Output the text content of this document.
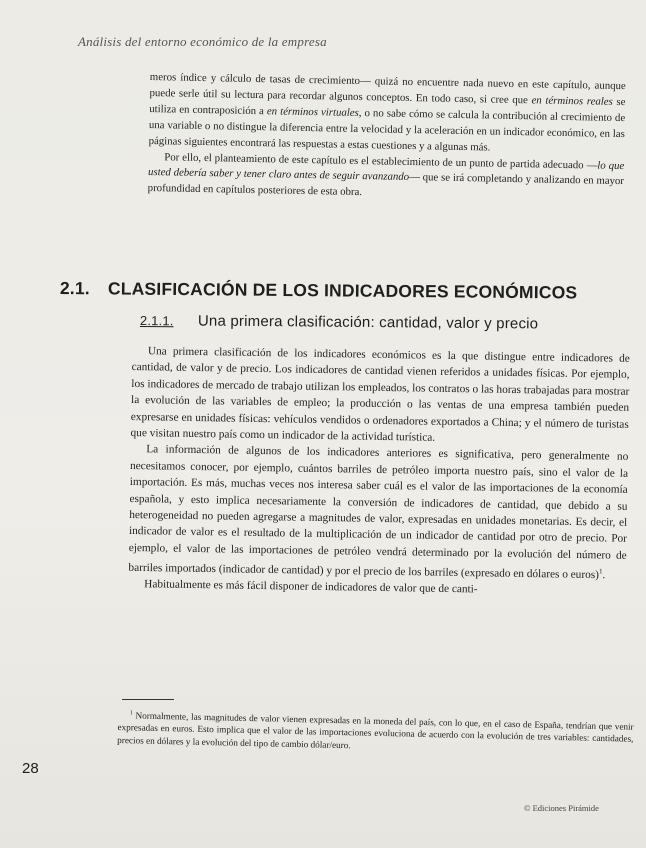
Análisis del entorno económico de la empresa

meros índice y cálculo de tasas de crecimiento— quizá no encuentre nada nuevo en este capítulo, aunque puede serle útil su lectura para recordar algunos conceptos. En todo caso, si cree que en términos reales se utiliza en contraposición a en términos virtuales, o no sabe cómo se calcula la contribución al crecimiento de una variable o no distingue la diferencia entre la velocidad y la aceleración en un indicador económico, en las páginas siguientes encontrará las respuestas a estas cuestiones y a algunas más.

Por ello, el planteamiento de este capítulo es el establecimiento de un punto de partida adecuado —lo que usted debería saber y tener claro antes de seguir avanzando— que se irá completando y analizando en mayor profundidad en capítulos posteriores de esta obra.

2.1. CLASIFICACIÓN DE LOS INDICADORES ECONÓMICOS
2.1.1. Una primera clasificación: cantidad, valor y precio

Una primera clasificación de los indicadores económicos es la que distingue entre indicadores de cantidad, de valor y de precio. Los indicadores de cantidad vienen referidos a unidades físicas. Por ejemplo, los indicadores de mercado de trabajo utilizan los empleados, los contratos o las horas trabajadas para mostrar la evolución de las variables de empleo; la producción o las ventas de una empresa también pueden expresarse en unidades físicas: vehículos vendidos o ordenadores exportados a China; y el número de turistas que visitan nuestro país como un indicador de la actividad turística.

La información de algunos de los indicadores anteriores es significativa, pero generalmente no necesitamos conocer, por ejemplo, cuántos barriles de petróleo importa nuestro país, sino el valor de la importación. Es más, muchas veces nos interesa saber cuál es el valor de las importaciones de la economía española, y esto implica necesariamente la conversión de indicadores de cantidad, que debido a su heterogeneidad no pueden agregarse a magnitudes de valor, expresadas en unidades monetarias. Es decir, el indicador de valor es el resultado de la multiplicación de un indicador de cantidad por otro de precio. Por ejemplo, el valor de las importaciones de petróleo vendrá determinado por la evolución del número de barriles importados (indicador de cantidad) y por el precio de los barriles (expresado en dólares o euros)$^1$.

Habitualmente es más fácil disponer de indicadores de valor que de canti-

$^1$ Normalmente, las magnitudes de valor vienen expresadas en la moneda del país, con lo que, en el caso de España, tendrían que venir expresadas en euros. Esto implica que el valor de las importaciones evoluciona de acuerdo con la evolución de tres variables: cantidades, precios en dólares y la evolución del tipo de cambio dólar/euro.

28
© Ediciones Pirámide
